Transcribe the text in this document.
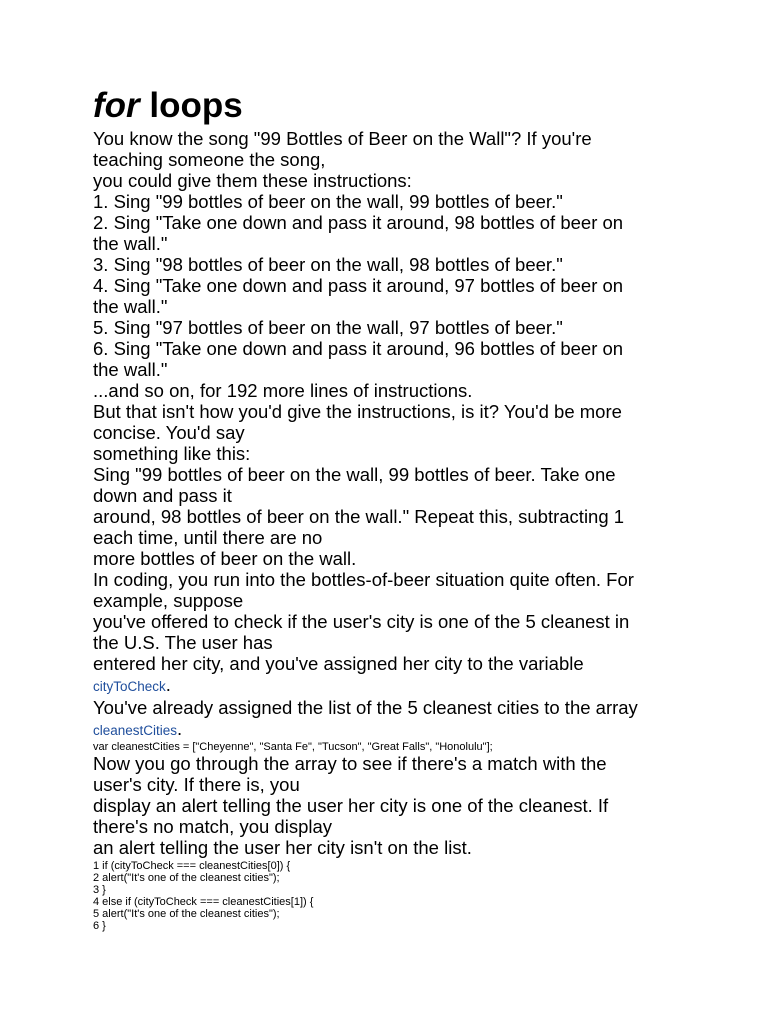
for loops
You know the song "99 Bottles of Beer on the Wall"? If you're
teaching someone the song,
you could give them these instructions:
1. Sing "99 bottles of beer on the wall, 99 bottles of beer."
2. Sing "Take one down and pass it around, 98 bottles of beer on
the wall."
3. Sing "98 bottles of beer on the wall, 98 bottles of beer."
4. Sing "Take one down and pass it around, 97 bottles of beer on
the wall."
5. Sing "97 bottles of beer on the wall, 97 bottles of beer."
6. Sing "Take one down and pass it around, 96 bottles of beer on
the wall."
...and so on, for 192 more lines of instructions.
But that isn't how you'd give the instructions, is it? You'd be more
concise. You'd say
something like this:
Sing "99 bottles of beer on the wall, 99 bottles of beer. Take one
down and pass it
around, 98 bottles of beer on the wall." Repeat this, subtracting 1
each time, until there are no
more bottles of beer on the wall.
In coding, you run into the bottles-of-beer situation quite often. For
example, suppose
you've offered to check if the user's city is one of the 5 cleanest in
the U.S. The user has
entered her city, and you've assigned her city to the variable
cityToCheck.
You've already assigned the list of the 5 cleanest cities to the array
cleanestCities.
var cleanestCities = ["Cheyenne", "Santa Fe", "Tucson", "Great Falls", "Honolulu"];
Now you go through the array to see if there's a match with the
user's city. If there is, you
display an alert telling the user her city is one of the cleanest. If
there's no match, you display
an alert telling the user her city isn't on the list.
1 if (cityToCheck === cleanestCities[0]) {
2 alert("It's one of the cleanest cities");
3 }
4 else if (cityToCheck === cleanestCities[1]) {
5 alert("It's one of the cleanest cities");
6 }
